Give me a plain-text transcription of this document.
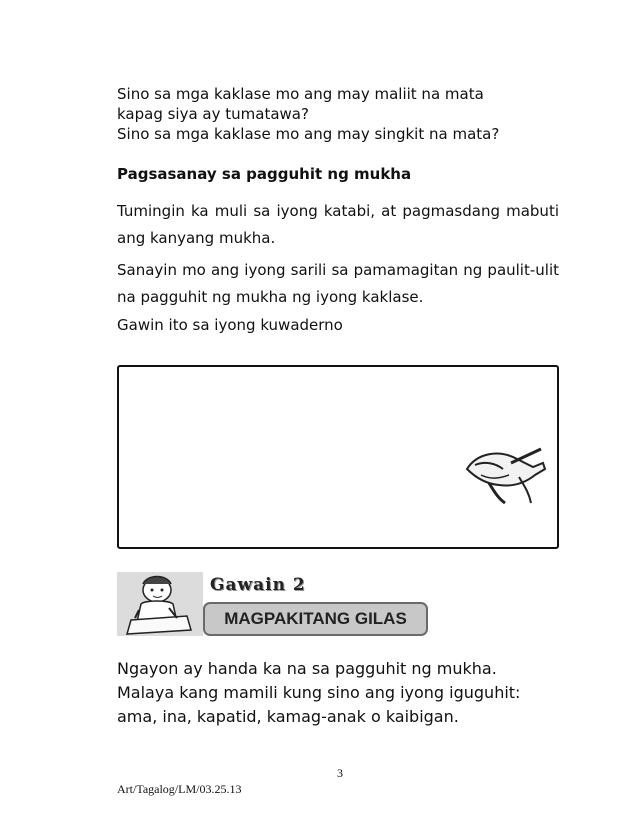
Sino sa mga kaklase mo ang may maliit na mata
kapag siya ay tumatawa?
Sino sa mga kaklase mo ang may singkit na mata?

Pagsasanay sa pagguhit ng mukha

Tumingin ka muli sa iyong katabi, at pagmasdang mabuti ang kanyang mukha.

Sanayin mo ang iyong sarili sa pamamagitan ng paulit-ulit na pagguhit ng mukha ng iyong kaklase.

Gawin ito sa iyong kuwaderno

Gawain 2
MAGPAKITANG GILAS

Ngayon ay handa ka na sa pagguhit ng mukha.
Malaya kang mamili kung sino ang iyong iguguhit:
ama, ina, kapatid, kamag-anak o kaibigan.

3
Art/Tagalog/LM/03.25.13
